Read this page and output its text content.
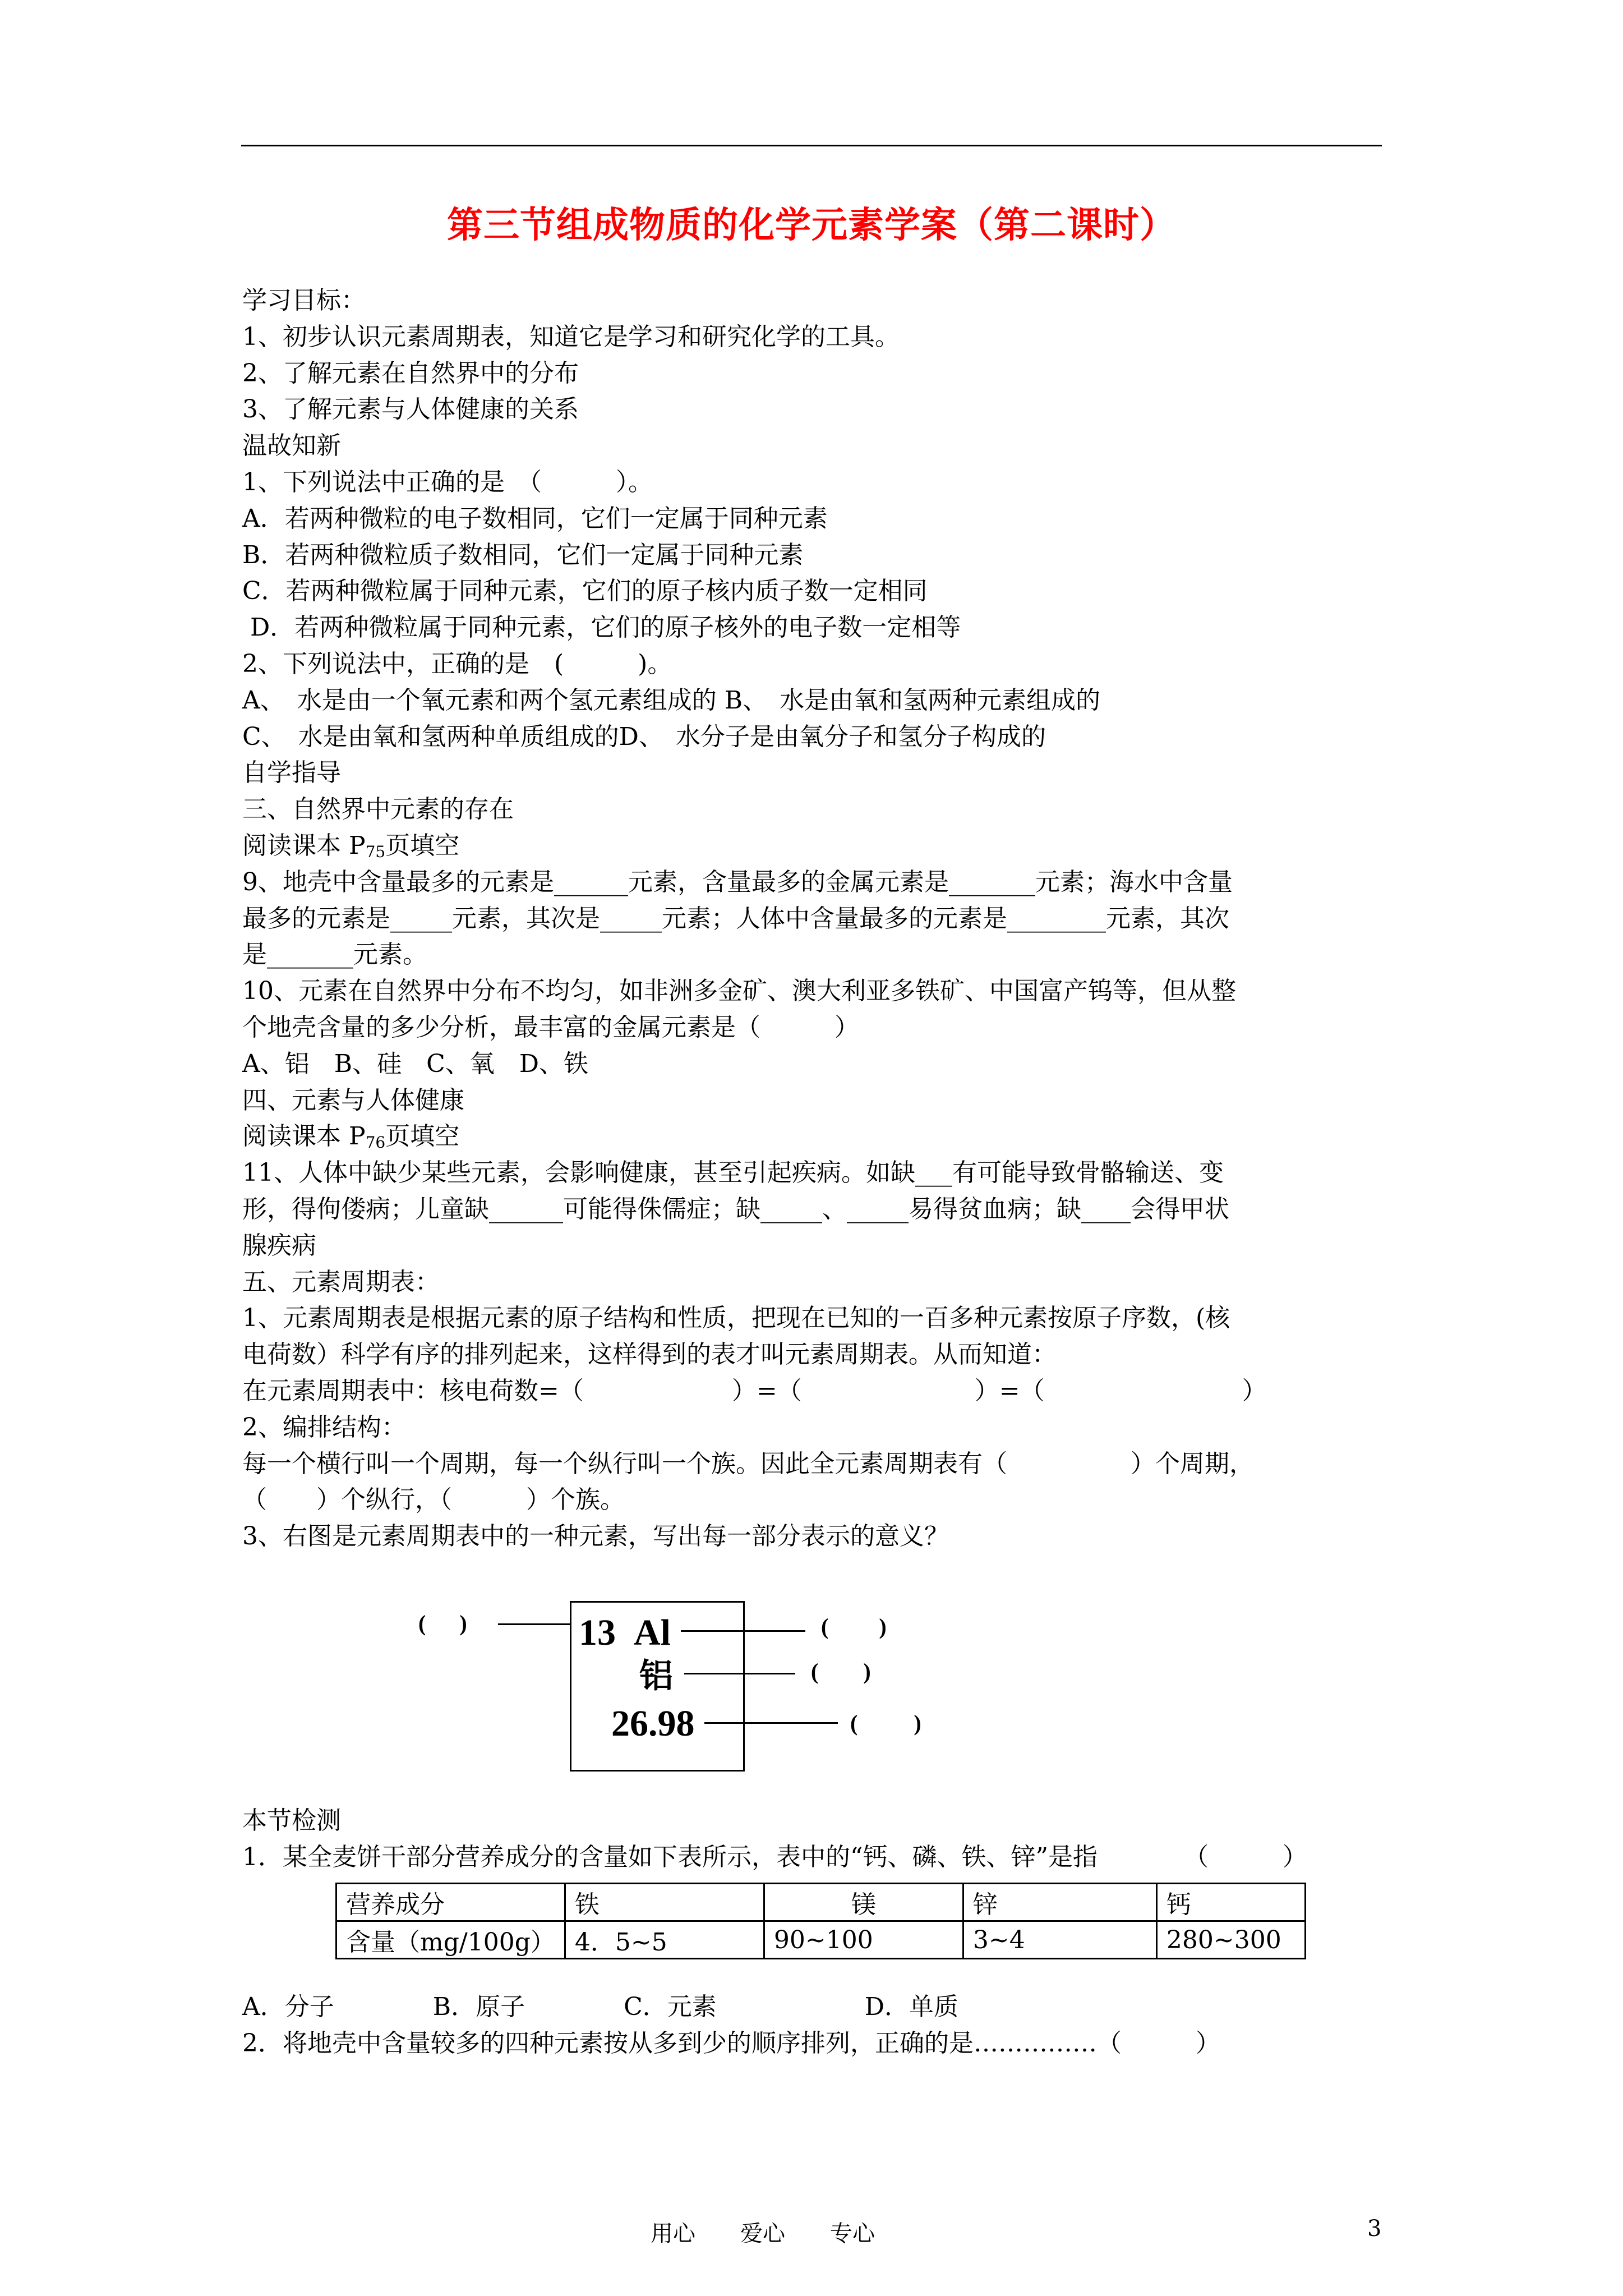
第三节组成物质的化学元素学案（第二课时）
学习目标：
1、初步认识元素周期表，知道它是学习和研究化学的工具。
2、了解元素在自然界中的分布
3、了解元素与人体健康的关系
温故知新
1、下列说法中正确的是　（　　　）。
A．若两种微粒的电子数相同，它们一定属于同种元素
B．若两种微粒质子数相同，它们一定属于同种元素
C．若两种微粒属于同种元素，它们的原子核内质子数一定相同
D．若两种微粒属于同种元素，它们的原子核外的电子数一定相等
2、下列说法中，正确的是　(　　　)。
A、　水是由一个氧元素和两个氢元素组成的 B、　水是由氧和氢两种元素组成的
C、　水是由氧和氢两种单质组成的D、　水分子是由氧分子和氢分子构成的
自学指导
三、自然界中元素的存在
阅读课本 $P_{75}$页填空
9、地壳中含量最多的元素是______元素，含量最多的金属元素是_______元素；海水中含量
最多的元素是_____元素，其次是_____元素；人体中含量最多的元素是________元素，其次
是_______元素。
10、元素在自然界中分布不均匀，如非洲多金矿、澳大利亚多铁矿、中国富产钨等，但从整
个地壳含量的多少分析，最丰富的金属元素是（　　　）
A、铝　B、硅　C、氧　D、铁
四、元素与人体健康
阅读课本 $P_{76}$页填空
11、人体中缺少某些元素，会影响健康，甚至引起疾病。如缺___有可能导致骨骼输送、变
形，得佝偻病；儿童缺______可能得侏儒症；缺_____、_____易得贫血病；缺____会得甲状
腺疾病
五、元素周期表：
1、元素周期表是根据元素的原子结构和性质，把现在已知的一百多种元素按原子序数，(核
电荷数）科学有序的排列起来，这样得到的表才叫元素周期表。从而知道：
在元素周期表中：核电荷数=（　　　　　　）=（　　　　　　　）=（　　　　　　　　）
2、编排结构：
每一个横行叫一个周期，每一个纵行叫一个族。因此全元素周期表有（　　　　　）个周期，
（　　）个纵行，（　　　）个族。
3、右图是元素周期表中的一种元素，写出每一部分表示的意义？
13 Al
铝
26.98
(      )	(         )
(        )
(          )
本节检测
1．某全麦饼干部分营养成分的含量如下表所示，表中的“钙、磷、铁、锌”是指　　　　（　　　）
营养成分	铁	镁	锌	钙
含量（mg/100g）	4．5~5	90~100	3~4	280~300
A．分子　　　　B．原子　　　　C．元素　　　　　　D．单质
2．将地壳中含量较多的四种元素按从多到少的顺序排列，正确的是……………（　　　）
用心　　爱心　　专心	3
